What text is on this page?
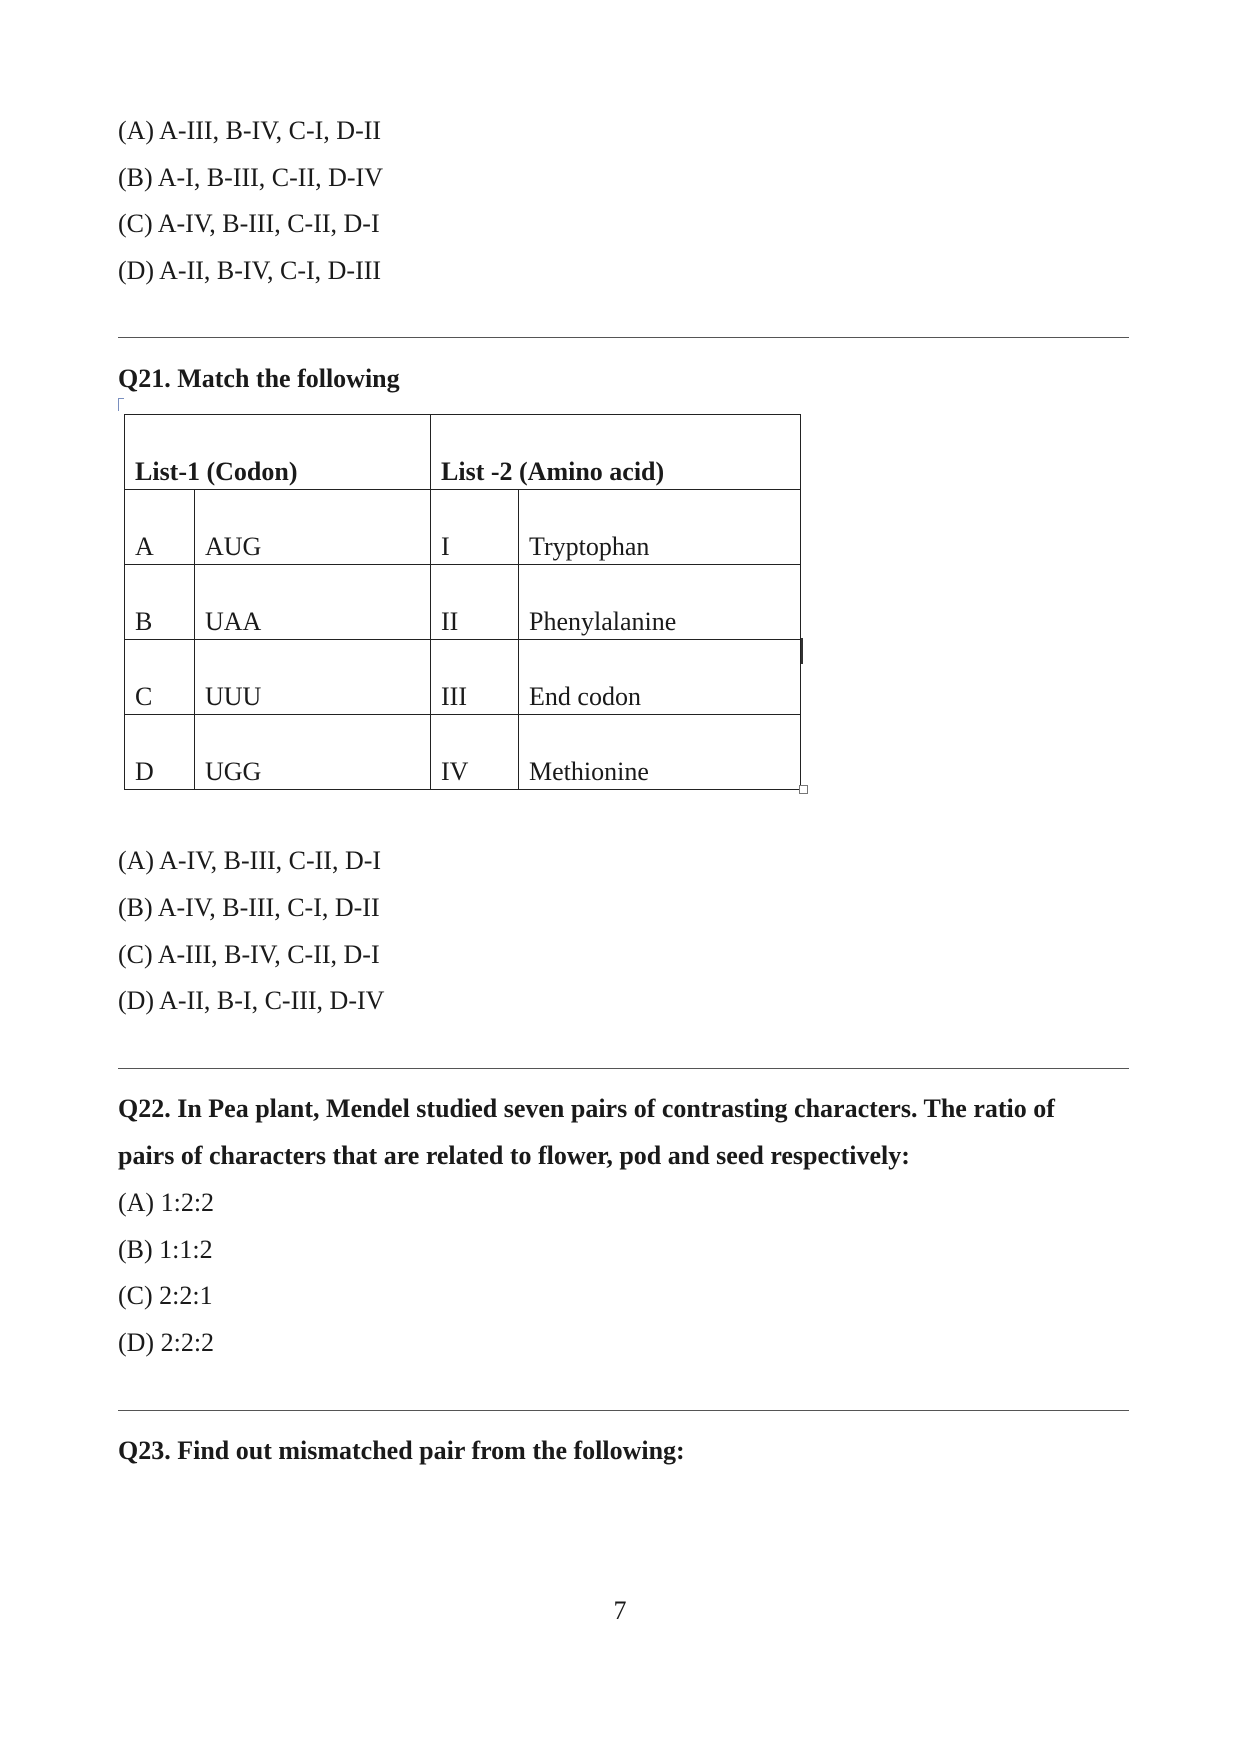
(A) A-III, B-IV, C-I, D-II
(B) A-I, B-III, C-II, D-IV
(C) A-IV, B-III, C-II, D-I
(D) A-II, B-IV, C-I, D-III
Q21. Match the following
List-1 (Codon)		List -2 (Amino acid)	
A	AUG	I	Tryptophan
B	UAA	II	Phenylalanine
C	UUU	III	End codon
D	UGG	IV	Methionine
(A) A-IV, B-III, C-II, D-I
(B) A-IV, B-III, C-I, D-II
(C) A-III, B-IV, C-II, D-I
(D) A-II, B-I, C-III, D-IV
Q22. In Pea plant, Mendel studied seven pairs of contrasting characters. The ratio of
pairs of characters that are related to flower, pod and seed respectively:
(A) 1:2:2
(B) 1:1:2
(C) 2:2:1
(D) 2:2:2
Q23. Find out mismatched pair from the following:
7
